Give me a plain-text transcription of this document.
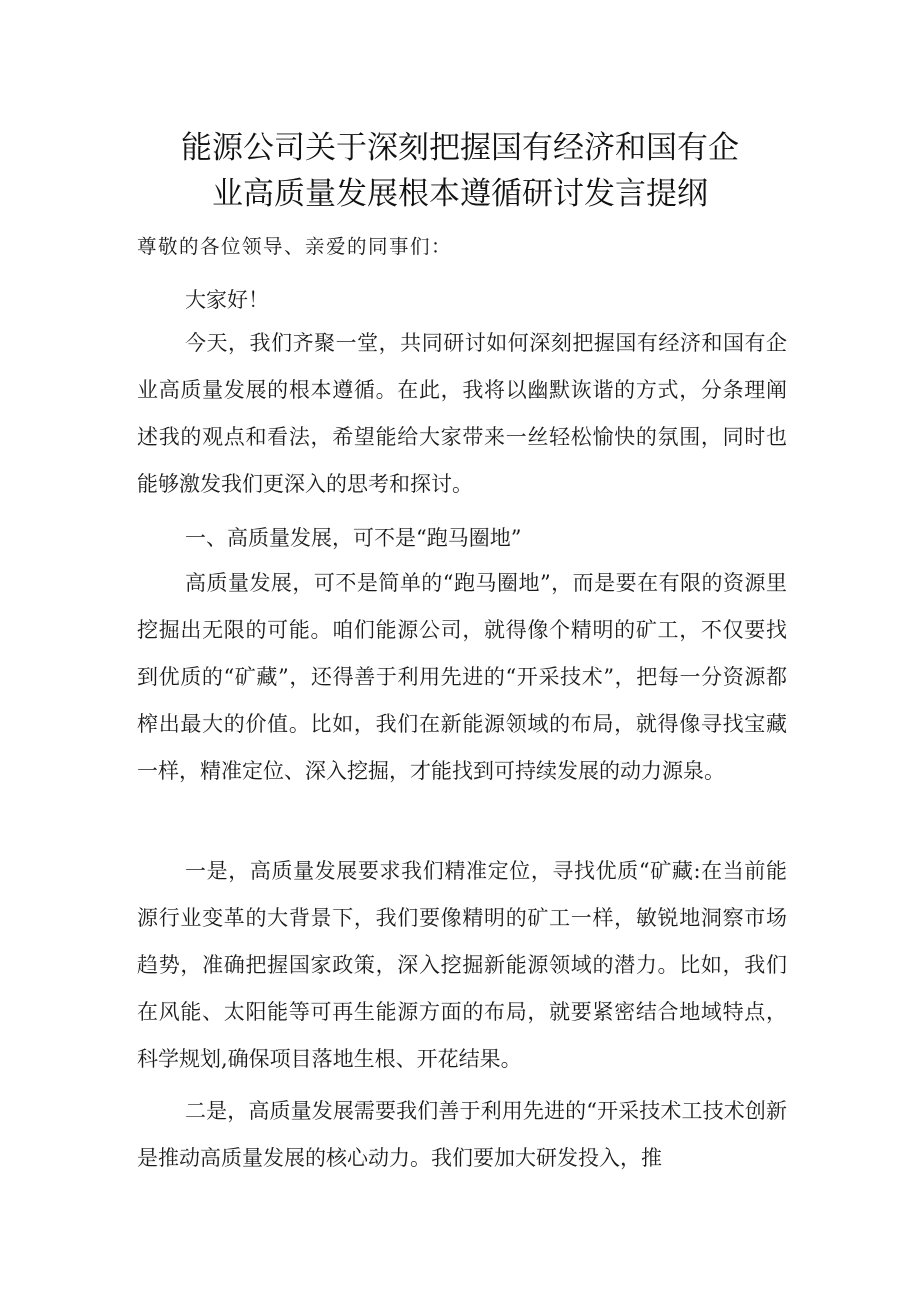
能源公司关于深刻把握国有经济和国有企
业高质量发展根本遵循研讨发言提纲
尊敬的各位领导、亲爱的同事们：

大家好！

今天，我们齐聚一堂，共同研讨如何深刻把握国有经济和国有企业高质量发展的根本遵循。在此，我将以幽默诙谐的方式，分条理阐述我的观点和看法，希望能给大家带来一丝轻松愉快的氛围，同时也能够激发我们更深入的思考和探讨。

一、高质量发展，可不是“跑马圈地”

高质量发展，可不是简单的“跑马圈地”，而是要在有限的资源里挖掘出无限的可能。咱们能源公司，就得像个精明的矿工，不仅要找到优质的“矿藏”，还得善于利用先进的“开采技术”，把每一分资源都榨出最大的价值。比如，我们在新能源领域的布局，就得像寻找宝藏一样，精准定位、深入挖掘，才能找到可持续发展的动力源泉。

一是，高质量发展要求我们精准定位，寻找优质“矿藏:在当前能源行业变革的大背景下，我们要像精明的矿工一样，敏锐地洞察市场趋势，准确把握国家政策，深入挖掘新能源领域的潜力。比如，我们在风能、太阳能等可再生能源方面的布局，就要紧密结合地域特点，科学规划,确保项目落地生根、开花结果。

二是，高质量发展需要我们善于利用先进的“开采技术工技术创新是推动高质量发展的核心动力。我们要加大研发投入，推
